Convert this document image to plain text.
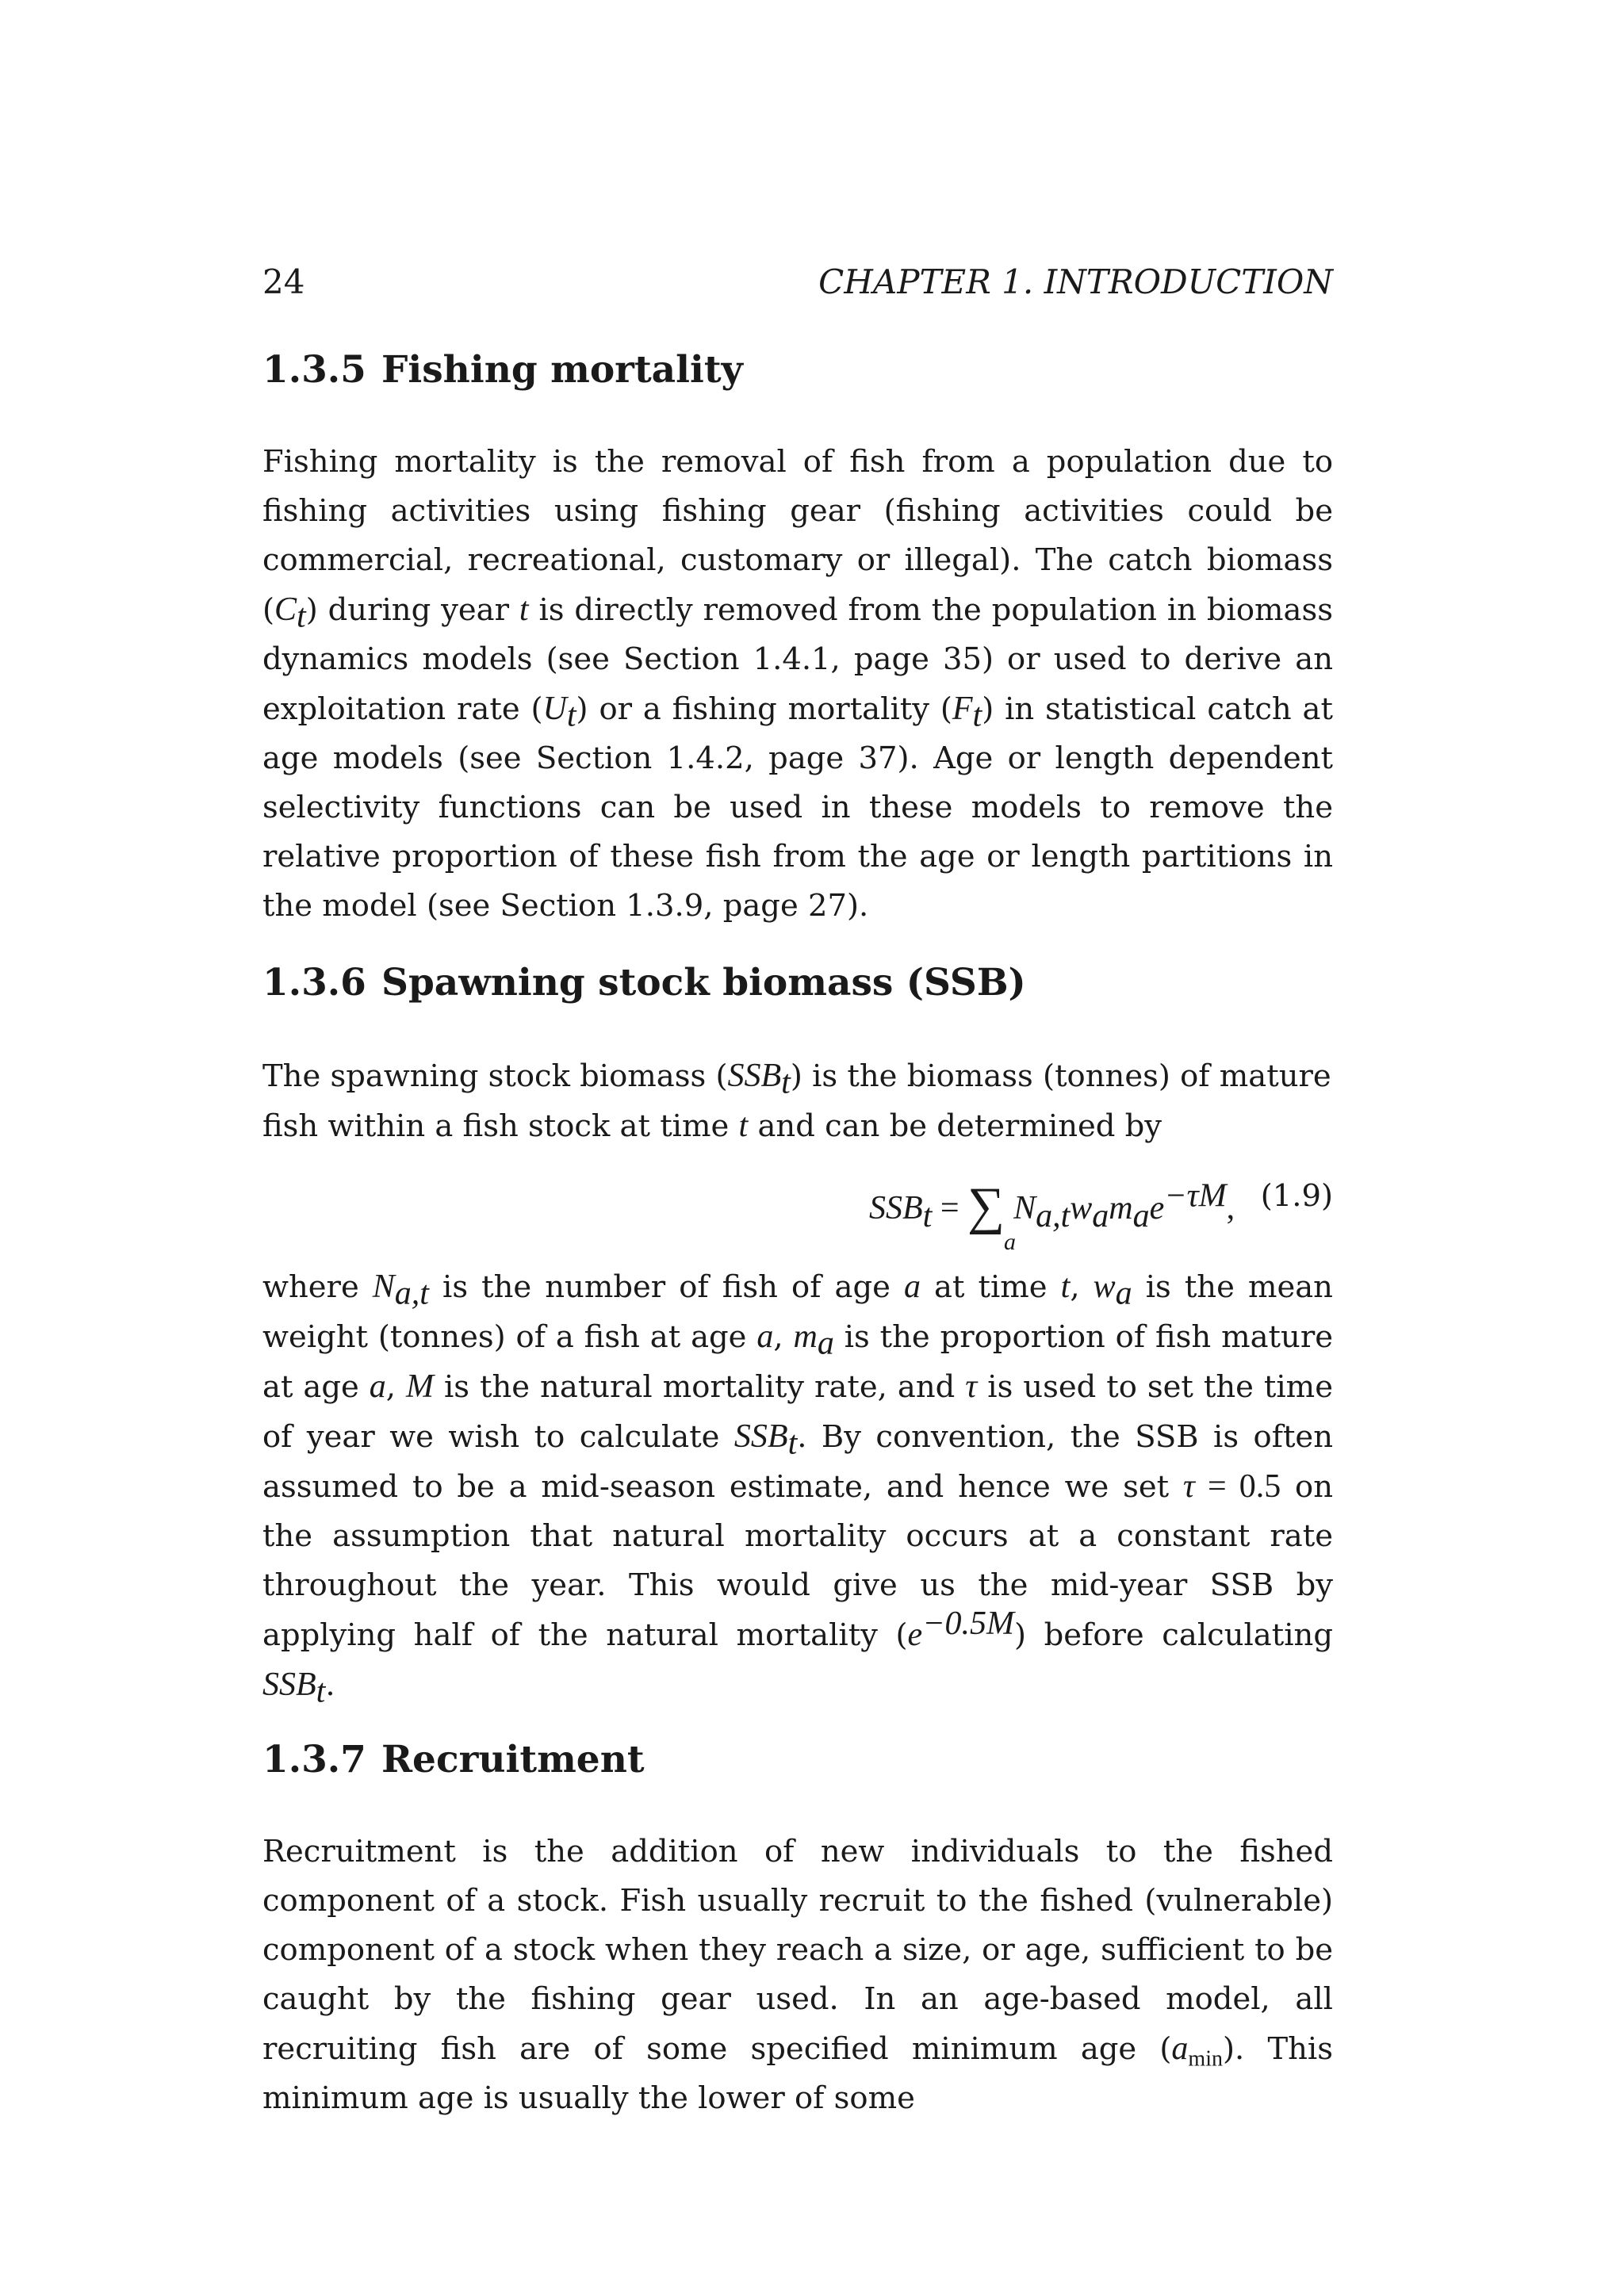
24	CHAPTER 1. INTRODUCTION
1.3.5 Fishing mortality

Fishing mortality is the removal of fish from a population due to fishing activities using fishing gear (fishing activities could be commercial, recreational, customary or illegal). The catch biomass $(C_t)$ during year t is directly removed from the population in biomass dynamics models (see Section 1.4.1, page 35) or used to derive an exploitation rate $(U_t)$ or a fishing mortality $(F_t)$ in statistical catch at age models (see Section 1.4.2, page 37). Age or length dependent selectivity functions can be used in these models to remove the relative proportion of these fish from the age or length partitions in the model (see Section 1.3.9, page 27).

1.3.6 Spawning stock biomass (SSB)

The spawning stock biomass $(SSB_t)$ is the biomass (tonnes) of mature fish within a fish stock at time t and can be determined by

$SSB_t$ = ∑ $N_{a,t}w_am_ae^{-\tau M}$,
a
(1.9)

where $N_{a,t}$ is the number of fish of age a at time t, $w_a$ is the mean weight (tonnes) of a fish at age a, $m_a$ is the proportion of fish mature at age a, M is the natural mortality rate, and τ is used to set the time of year we wish to calculate $SSB_t$. By convention, the SSB is often assumed to be a mid-season estimate, and hence we set τ = 0.5 on the assumption that natural mortality occurs at a constant rate throughout the year. This would give us the mid-year SSB by applying half of the natural mortality $(e^{-0.5M})$ before calculating $SSB_t$.

1.3.7 Recruitment

Recruitment is the addition of new individuals to the fished component of a stock. Fish usually recruit to the fished (vulnerable) component of a stock when they reach a size, or age, sufficient to be caught by the fishing gear used. In an age-based model, all recruiting fish are of some specified minimum age $(a_{min})$. This minimum age is usually the lower of some
